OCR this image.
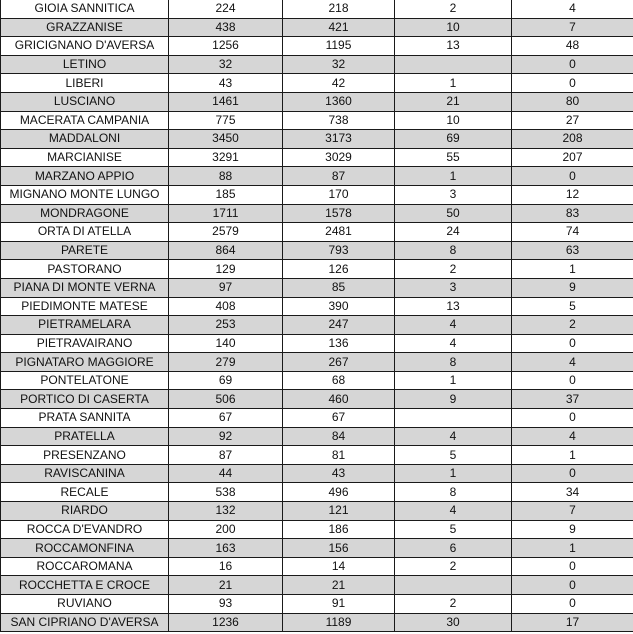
GIOIA SANNITICA	224	218	2	4
GRAZZANISE	438	421	10	7
GRICIGNANO D'AVERSA	1256	1195	13	48
LETINO	32	32		0
LIBERI	43	42	1	0
LUSCIANO	1461	1360	21	80
MACERATA CAMPANIA	775	738	10	27
MADDALONI	3450	3173	69	208
MARCIANISE	3291	3029	55	207
MARZANO APPIO	88	87	1	0
MIGNANO MONTE LUNGO	185	170	3	12
MONDRAGONE	1711	1578	50	83
ORTA DI ATELLA	2579	2481	24	74
PARETE	864	793	8	63
PASTORANO	129	126	2	1
PIANA DI MONTE VERNA	97	85	3	9
PIEDIMONTE MATESE	408	390	13	5
PIETRAMELARA	253	247	4	2
PIETRAVAIRANO	140	136	4	0
PIGNATARO MAGGIORE	279	267	8	4
PONTELATONE	69	68	1	0
PORTICO DI CASERTA	506	460	9	37
PRATA SANNITA	67	67		0
PRATELLA	92	84	4	4
PRESENZANO	87	81	5	1
RAVISCANINA	44	43	1	0
RECALE	538	496	8	34
RIARDO	132	121	4	7
ROCCA D'EVANDRO	200	186	5	9
ROCCAMONFINA	163	156	6	1
ROCCAROMANA	16	14	2	0
ROCCHETTA E CROCE	21	21		0
RUVIANO	93	91	2	0
SAN CIPRIANO D'AVERSA	1236	1189	30	17
